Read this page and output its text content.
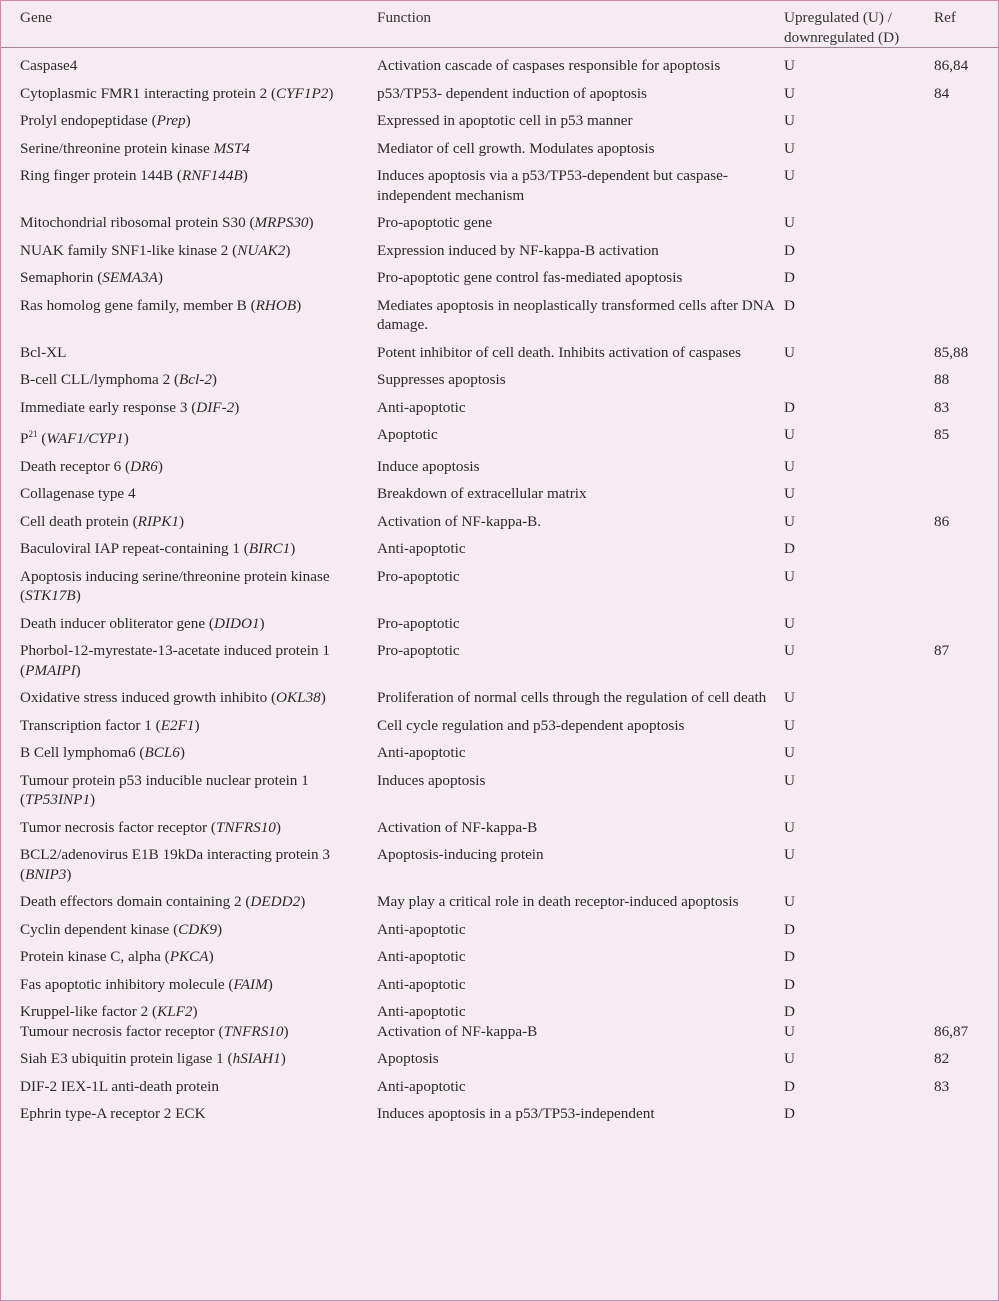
Gene	Function	Upregulated (U) / downregulated (D)	Ref
Caspase4	Activation cascade of caspases responsible for apoptosis	U	86,84
Cytoplasmic FMR1 interacting protein 2 (CYF1P2)	p53/TP53- dependent induction of apoptosis	U	84
Prolyl endopeptidase (Prep)	Expressed in apoptotic cell in p53 manner	U	
Serine/threonine protein kinase MST4	Mediator of cell growth. Modulates apoptosis	U	
Ring finger protein 144B (RNF144B)	Induces apoptosis via a p53/TP53-dependent but caspase-independent mechanism	U	
Mitochondrial ribosomal protein S30 (MRPS30)	Pro-apoptotic gene	U	
NUAK family SNF1-like kinase 2 (NUAK2)	Expression induced by NF-kappa-B activation	D	
Semaphorin (SEMA3A)	Pro-apoptotic gene control fas-mediated apoptosis	D	
Ras homolog gene family, member B (RHOB)	Mediates apoptosis in neoplastically transformed cells after DNA damage.	D	
Bcl-XL	Potent inhibitor of cell death. Inhibits activation of caspases	U	85,88
B-cell CLL/lymphoma 2 (Bcl-2)	Suppresses apoptosis		88
Immediate early response 3 (DIF-2)	Anti-apoptotic	D	83
$P^{21}$ (WAF1/CYP1)	Apoptotic	U	85
Death receptor 6 (DR6)	Induce apoptosis	U	
Collagenase type 4	Breakdown of extracellular matrix	U	
Cell death protein (RIPK1)	Activation of NF-kappa-B.	U	86
Baculoviral IAP repeat-containing 1 (BIRC1)	Anti-apoptotic	D	
Apoptosis inducing serine/threonine protein kinase (STK17B)	Pro-apoptotic	U	
Death inducer obliterator gene (DIDO1)	Pro-apoptotic	U	
Phorbol-12-myrestate-13-acetate induced protein 1 (PMAIPI)	Pro-apoptotic	U	87
Oxidative stress induced growth inhibito (OKL38)	Proliferation of normal cells through the regulation of cell death	U	
Transcription factor 1 (E2F1)	Cell cycle regulation and p53-dependent apoptosis	U	
B Cell lymphoma6 (BCL6)	Anti-apoptotic	U	
Tumour protein p53 inducible nuclear protein 1 (TP53INP1)	Induces apoptosis	U	
Tumor necrosis factor receptor (TNFRS10)	Activation of NF-kappa-B	U	
BCL2/adenovirus E1B 19kDa interacting protein 3 (BNIP3)	Apoptosis-inducing protein	U	
Death effectors domain containing 2 (DEDD2)	May play a critical role in death receptor-induced apoptosis	U	
Cyclin dependent kinase (CDK9)	Anti-apoptotic	D	
Protein kinase C, alpha (PKCA)	Anti-apoptotic	D	
Fas apoptotic inhibitory molecule (FAIM)	Anti-apoptotic	D	
Kruppel-like factor 2 (KLF2)	Anti-apoptotic	D	
Tumour necrosis factor receptor (TNFRS10)	Activation of NF-kappa-B	U	86,87
Siah E3 ubiquitin protein ligase 1 (hSIAH1)	Apoptosis	U	82
DIF-2 IEX-1L anti-death protein	Anti-apoptotic	D	83
Ephrin type-A receptor 2 ECK	Induces apoptosis in a p53/TP53-independent	D	
